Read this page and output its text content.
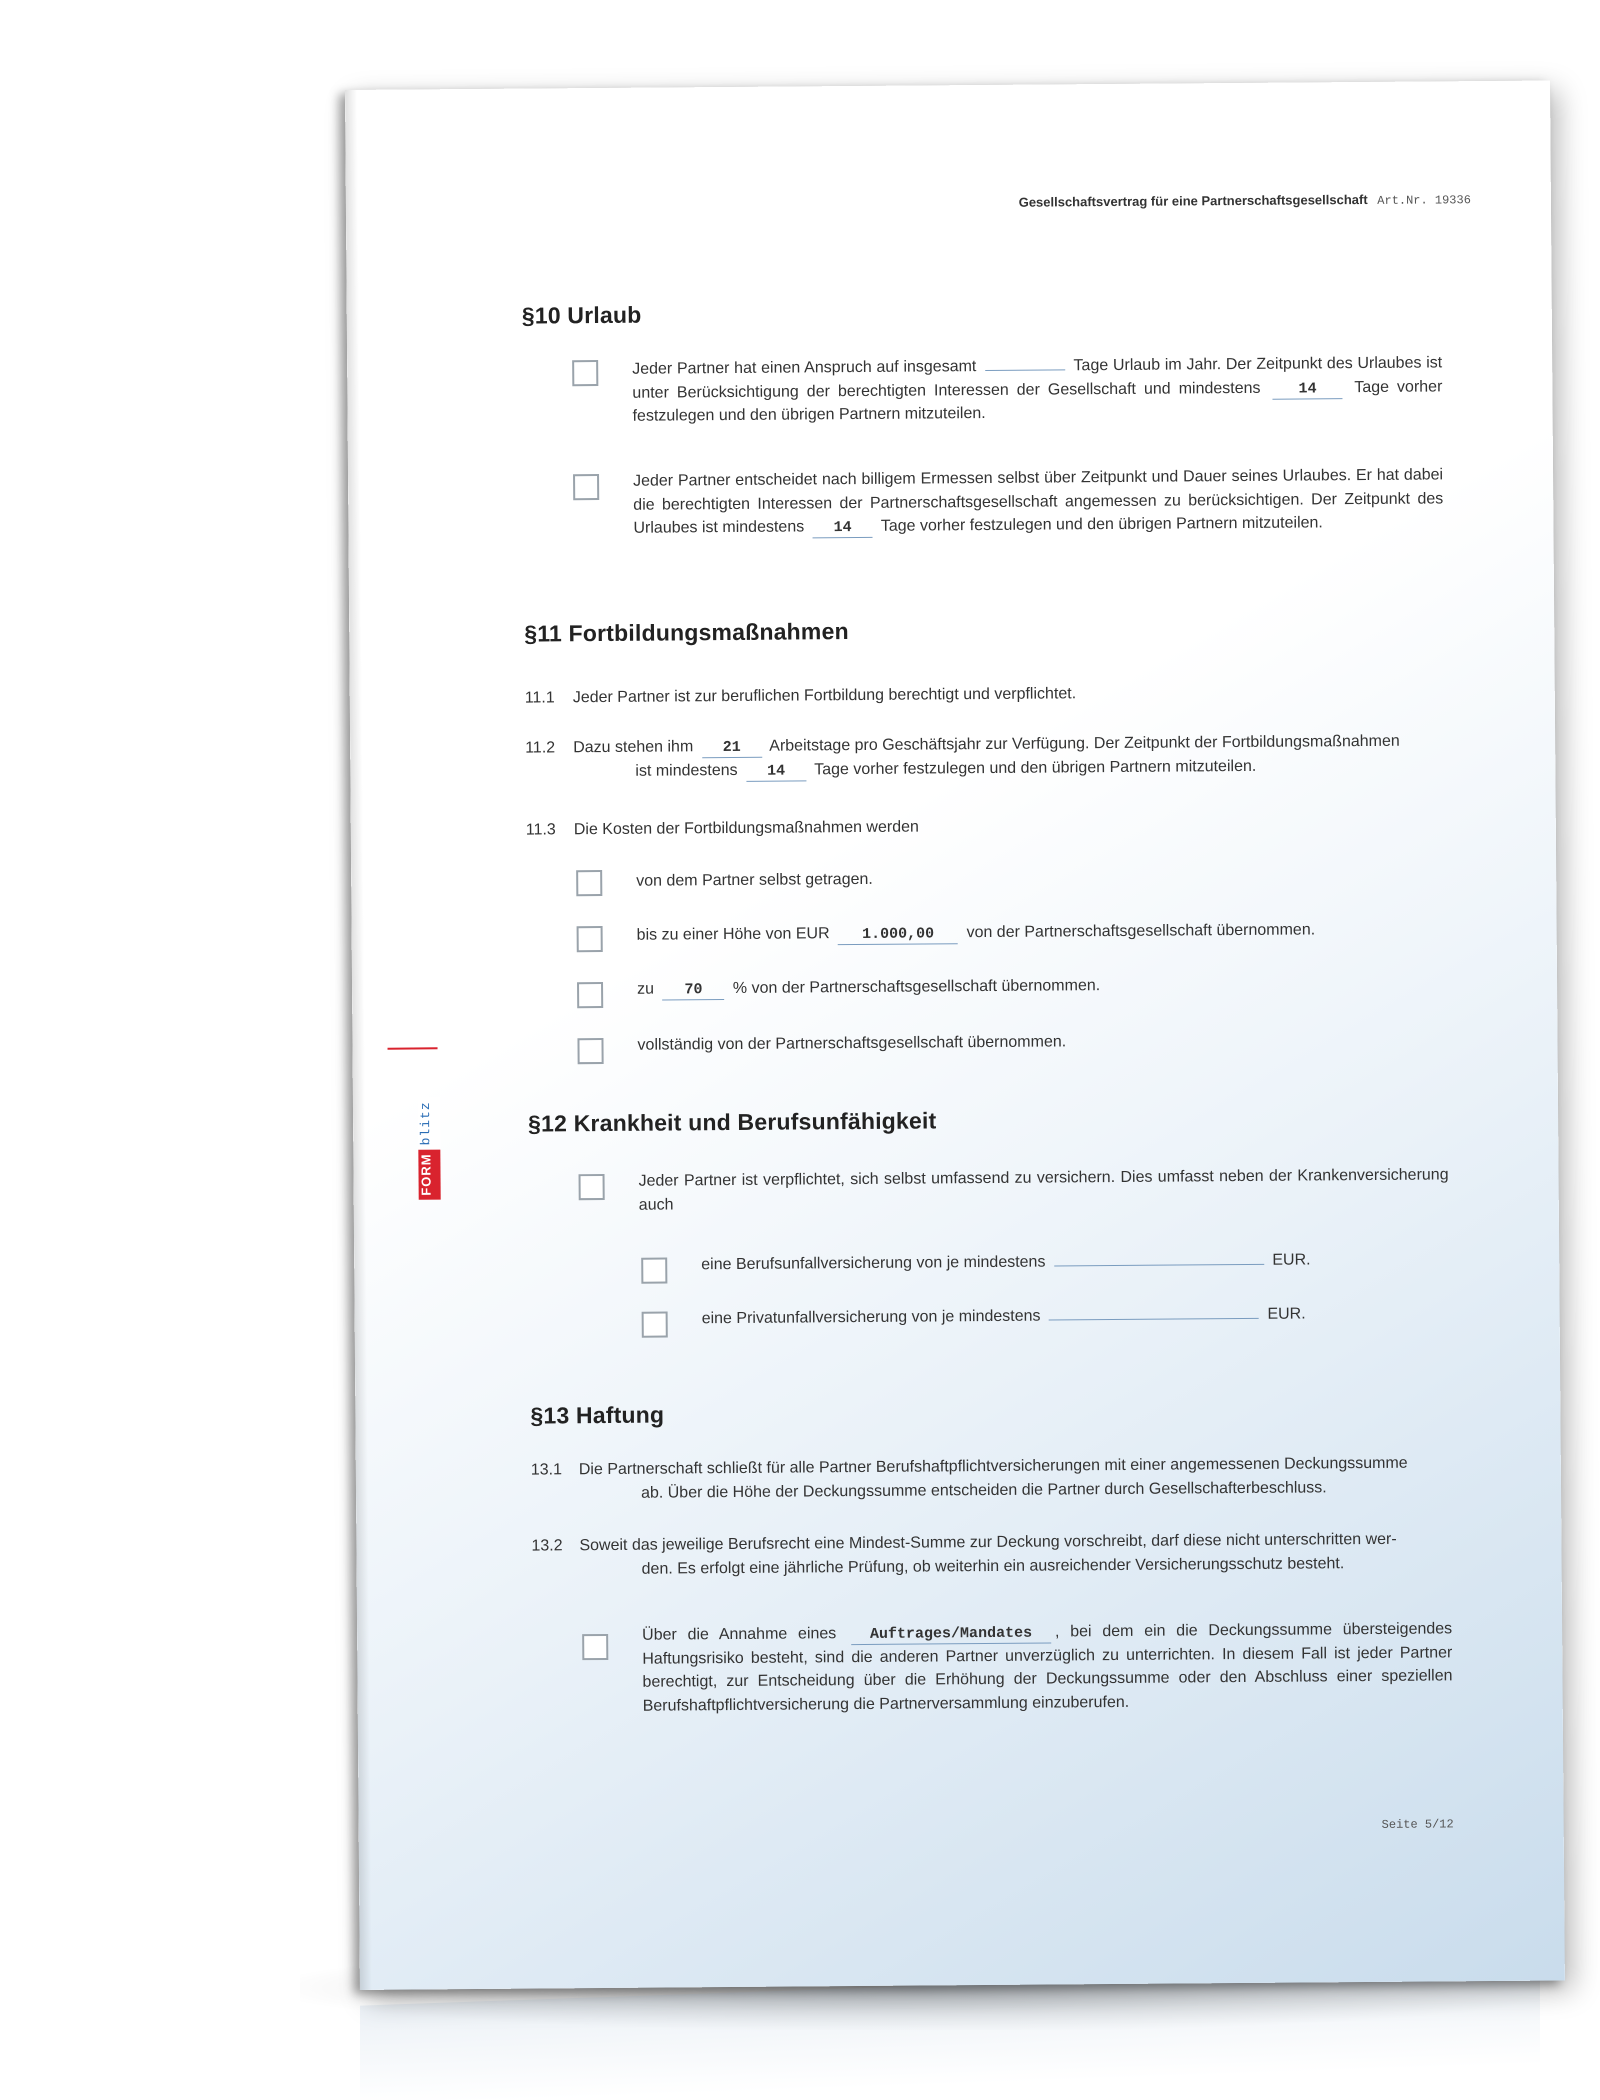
Gesellschaftsvertrag für eine Partnerschaftsgesellschaft Art.Nr. 19336
FORM
blitz
§10 Urlaub
Jeder Partner hat einen Anspruch auf insgesamt	Tage Urlaub im Jahr. Der Zeitpunkt des Urlaubes ist unter Berücksichtigung der berechtigten Interessen der Gesellschaft und mindestens	14 Tage vorher festzulegen und den übrigen Partnern mitzuteilen.
Jeder Partner entscheidet nach billigem Ermessen selbst über Zeitpunkt und Dauer seines Urlaubes. Er hat dabei die berechtigten Interessen der Partnerschaftsgesellschaft angemessen zu berücksichtigen. Der Zeitpunkt des Urlaubes ist mindestens 14 Tage vorher festzulegen und den übrigen Partnern mitzuteilen.
§11 Fortbildungsmaßnahmen
11.1 Jeder Partner ist zur beruflichen Fortbildung berechtigt und verpflichtet.
11.2 Dazu stehen ihm 21 Arbeitstage pro Geschäftsjahr zur Verfügung. Der Zeitpunkt der Fortbildungsmaßnahmen
ist mindestens 14 Tage vorher festzulegen und den übrigen Partnern mitzuteilen.
11.3 Die Kosten der Fortbildungsmaßnahmen werden
von dem Partner selbst getragen.
bis zu einer Höhe von EUR 1.000,00 von der Partnerschaftsgesellschaft übernommen.
zu 70 % von der Partnerschaftsgesellschaft übernommen.
vollständig von der Partnerschaftsgesellschaft übernommen.
§12 Krankheit und Berufsunfähigkeit
Jeder Partner ist verpflichtet, sich selbst umfassend zu versichern. Dies umfasst neben der Krankenversicherung auch
eine Berufsunfallversicherung von je mindestens	EUR.
eine Privatunfallversicherung von je mindestens	EUR.
§13 Haftung
13.1 Die Partnerschaft schließt für alle Partner Berufshaftpflichtversicherungen mit einer angemessenen Deckungssumme
ab. Über die Höhe der Deckungssumme entscheiden die Partner durch Gesellschafterbeschluss.
13.2 Soweit das jeweilige Berufsrecht eine Mindest-Summe zur Deckung vorschreibt, darf diese nicht unterschritten wer-
den. Es erfolgt eine jährliche Prüfung, ob weiterhin ein ausreichender Versicherungsschutz besteht.
Über die Annahme eines Auftrages/Mandates , bei dem ein die Deckungssumme übersteigendes Haftungsrisiko besteht, sind die anderen Partner unverzüglich zu unterrichten. In diesem Fall ist jeder Partner berechtigt, zur Entscheidung über die Erhöhung der Deckungssumme oder den Abschluss einer speziellen Berufshaftpflichtversicherung die Partnerversammlung einzuberufen.
Seite 5/12
